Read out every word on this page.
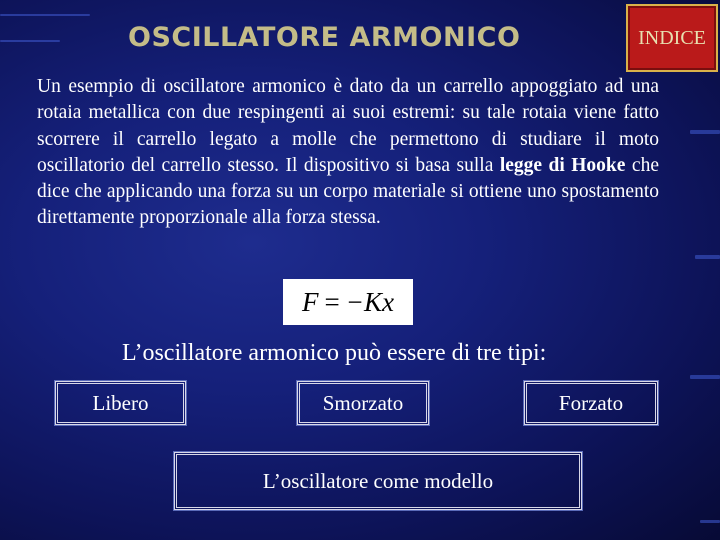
OSCILLATORE ARMONICO	INDICE
Un esempio di oscillatore armonico è dato da un carrello appoggiato ad una rotaia metallica con due respingenti ai suoi estremi: su tale rotaia viene fatto scorrere il carrello legato a molle che permettono di studiare il moto oscillatorio del carrello stesso. Il dispositivo si basa sulla legge di Hooke che dice che applicando una forza su un corpo materiale si ottiene uno spostamento direttamente proporzionale alla forza stessa.
F = −Kx
L’oscillatore armonico può essere di tre tipi:
Libero	Smorzato	Forzato
L’oscillatore come modello
